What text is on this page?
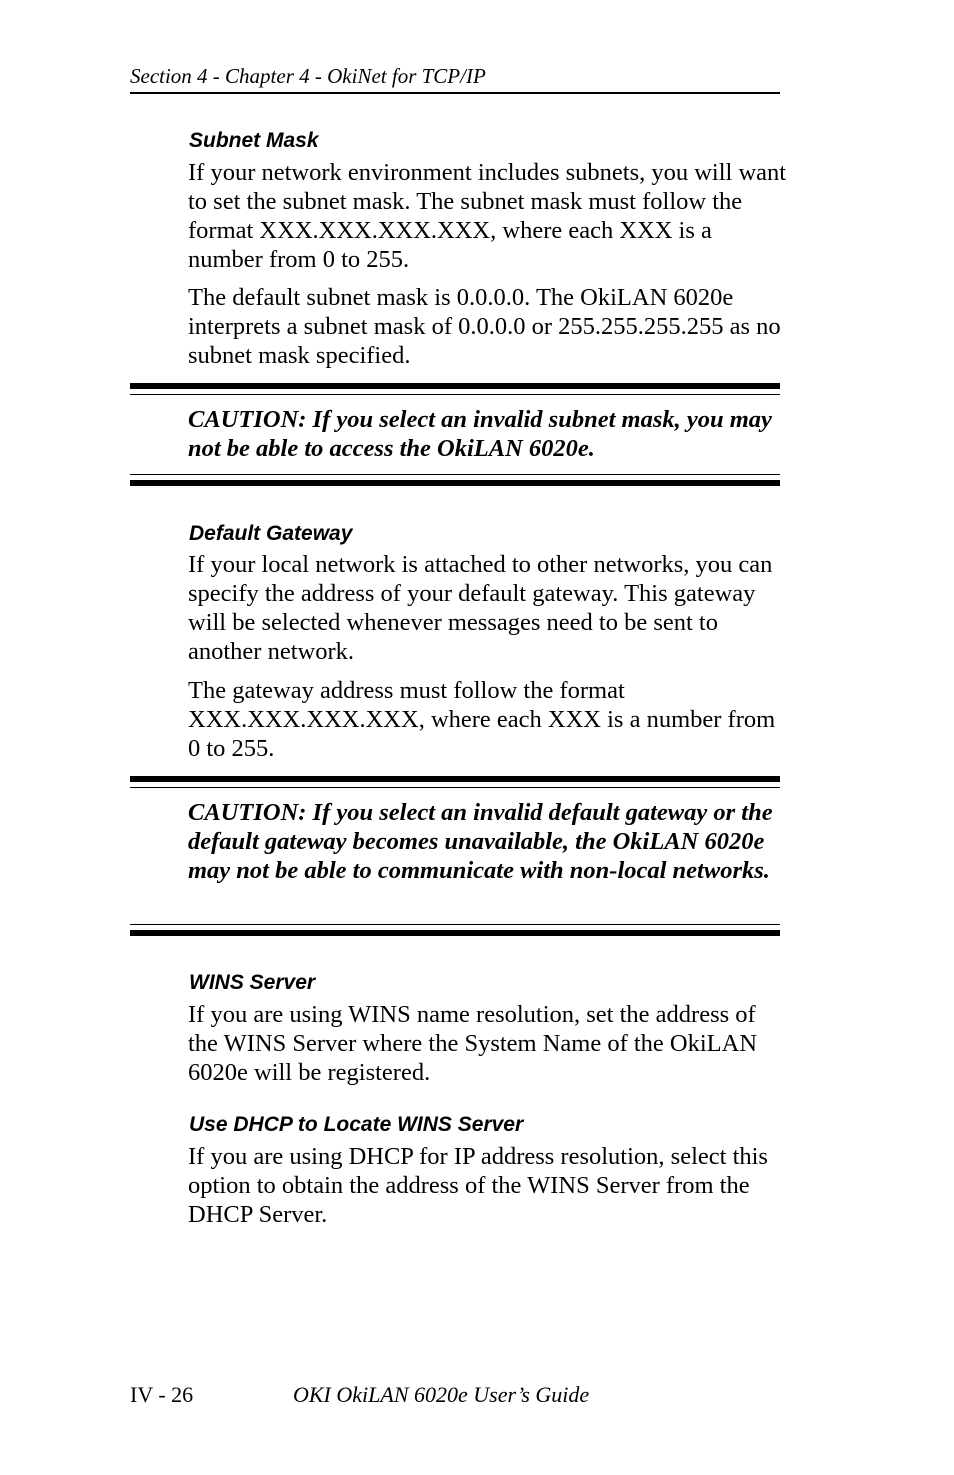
Section 4 - Chapter 4 - OkiNet for TCP/IP
Subnet Mask

If your network environment includes subnets, you will want to set the subnet mask. The subnet mask must follow the format XXX.XXX.XXX.XXX, where each XXX is a number from 0 to 255.

The default subnet mask is 0.0.0.0. The OkiLAN 6020e interprets a subnet mask of 0.0.0.0 or 255.255.255.255 as no subnet mask specified.

CAUTION: If you select an invalid subnet mask, you may not be able to access the OkiLAN 6020e.

Default Gateway

If your local network is attached to other networks, you can specify the address of your default gateway. This gateway will be selected whenever messages need to be sent to another network.

The gateway address must follow the format XXX.XXX.XXX.XXX, where each XXX is a number from 0 to 255.

CAUTION: If you select an invalid default gateway or the default gateway becomes unavailable, the OkiLAN 6020e may not be able to communicate with non-local networks.

WINS Server

If you are using WINS name resolution, set the address of the WINS Server where the System Name of the OkiLAN 6020e will be registered.

Use DHCP to Locate WINS Server

If you are using DHCP for IP address resolution, select this option to obtain the address of the WINS Server from the DHCP Server.

IV - 26	OKI OkiLAN 6020e User’s Guide
